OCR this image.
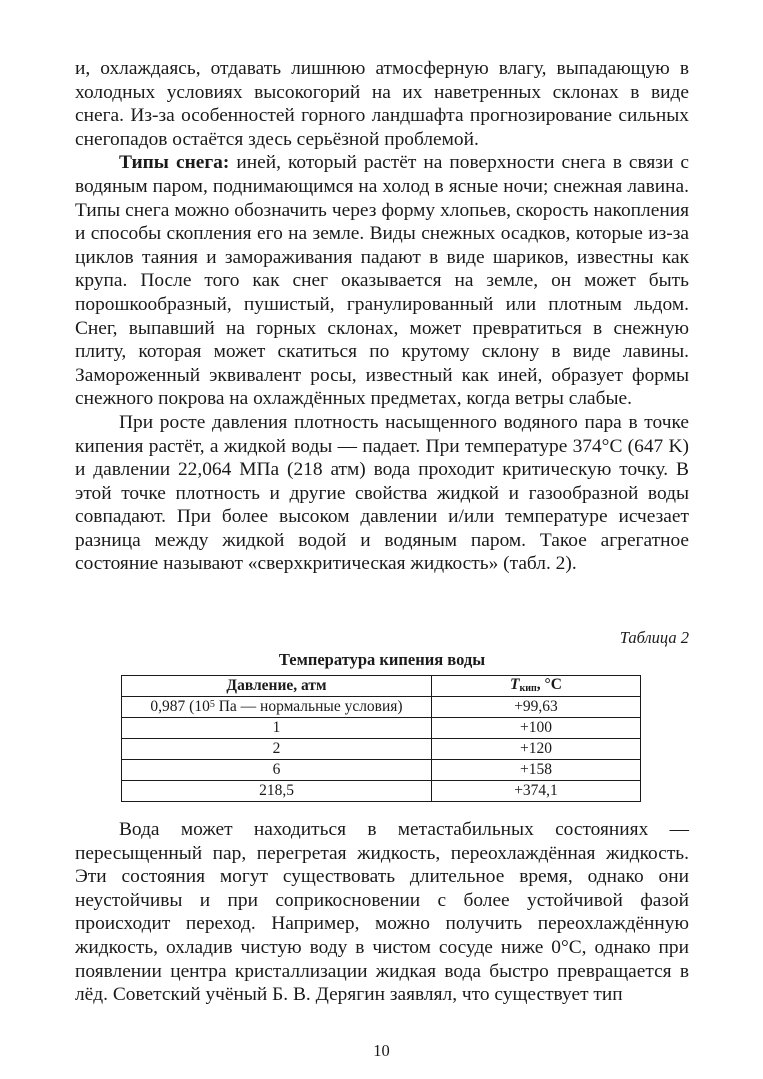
и, охлаждаясь, отдавать лишнюю атмосферную влагу, выпадающую в холодных условиях высокогорий на их наветренных склонах в виде снега. Из-за особенностей горного ландшафта прогнозирование сильных снегопадов остаётся здесь серьёзной проблемой.

Типы снега: иней, который растёт на поверхности снега в связи с водяным паром, поднимающимся на холод в ясные ночи; снежная лавина. Типы снега можно обозначить через форму хлопьев, скорость накопления и способы скопления его на земле. Виды снежных осадков, которые из-за циклов таяния и замораживания падают в виде шариков, известны как крупа. После того как снег оказывается на земле, он может быть порошкообразный, пушистый, гранулированный или плотным льдом. Снег, выпавший на горных склонах, может превратиться в снежную плиту, которая может скатиться по крутому склону в виде лавины. Замороженный эквивалент росы, известный как иней, образует формы снежного покрова на охлаждённых предметах, когда ветры слабые.

При росте давления плотность насыщенного водяного пара в точке кипения растёт, а жидкой воды — падает. При температуре 374°С (647 K) и давлении 22,064 МПа (218 атм) вода проходит критическую точку. В этой точке плотность и другие свойства жидкой и газообразной воды совпадают. При более высоком давлении и/или температуре исчезает разница между жидкой водой и водяным паром. Такое агрегатное состояние называют «сверхкритическая жидкость» (табл. 2).

Таблица 2
Температура кипения воды
Давление, атм	$T_{кип}$, °С
0,987 ($10^5$ Па — нормальные условия)	+99,63
1	+100
2	+120
6	+158
218,5	+374,1

Вода может находиться в метастабильных состояниях — пересыщенный пар, перегретая жидкость, переохлаждённая жидкость. Эти состояния могут существовать длительное время, однако они неустойчивы и при соприкосновении с более устойчивой фазой происходит переход. Например, можно получить переохлаждённую жидкость, охладив чистую воду в чистом сосуде ниже 0°С, однако при появлении центра кристаллизации жидкая вода быстро превращается в лёд. Советский учёный Б. В. Дерягин заявлял, что существует тип

10
